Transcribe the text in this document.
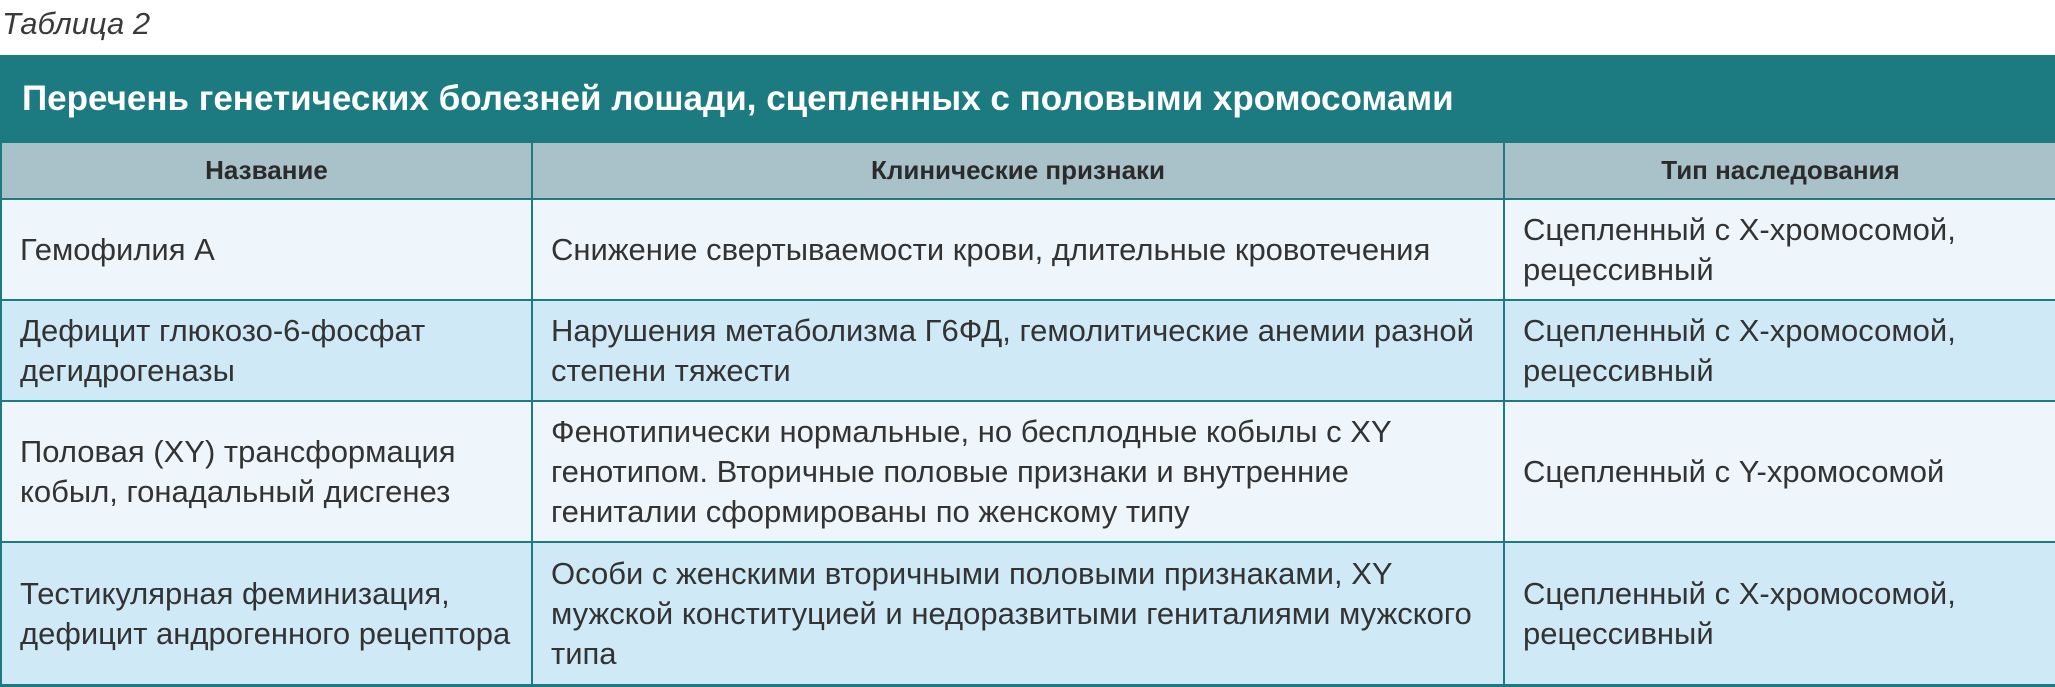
Таблица 2
Перечень генетических болезней лошади, сцепленных с половыми хромосомами
Название	Клинические признаки	Тип наследования
Гемофилия А	Снижение свертываемости крови, длительные кровотечения	Сцепленный с Х-хромосомой, рецессивный
Дефицит глюкозо-6-фосфат дегидрогеназы	Нарушения метаболизма Г6ФД, гемолитические анемии разной степени тяжести	Сцепленный с Х-хромосомой, рецессивный
Половая (XY) трансформация кобыл, гонадальный дисгенез	Фенотипически нормальные, но бесплодные кобылы с XY генотипом. Вторичные половые признаки и внутренние гениталии сформированы по женскому типу	Сцепленный с Y-хромосомой
Тестикулярная феминизация, дефицит андрогенного рецептора	Особи с женскими вторичными половыми признаками, XY мужской конституцией и недоразвитыми гениталиями мужского типа	Сцепленный с Х-хромосомой, рецессивный
